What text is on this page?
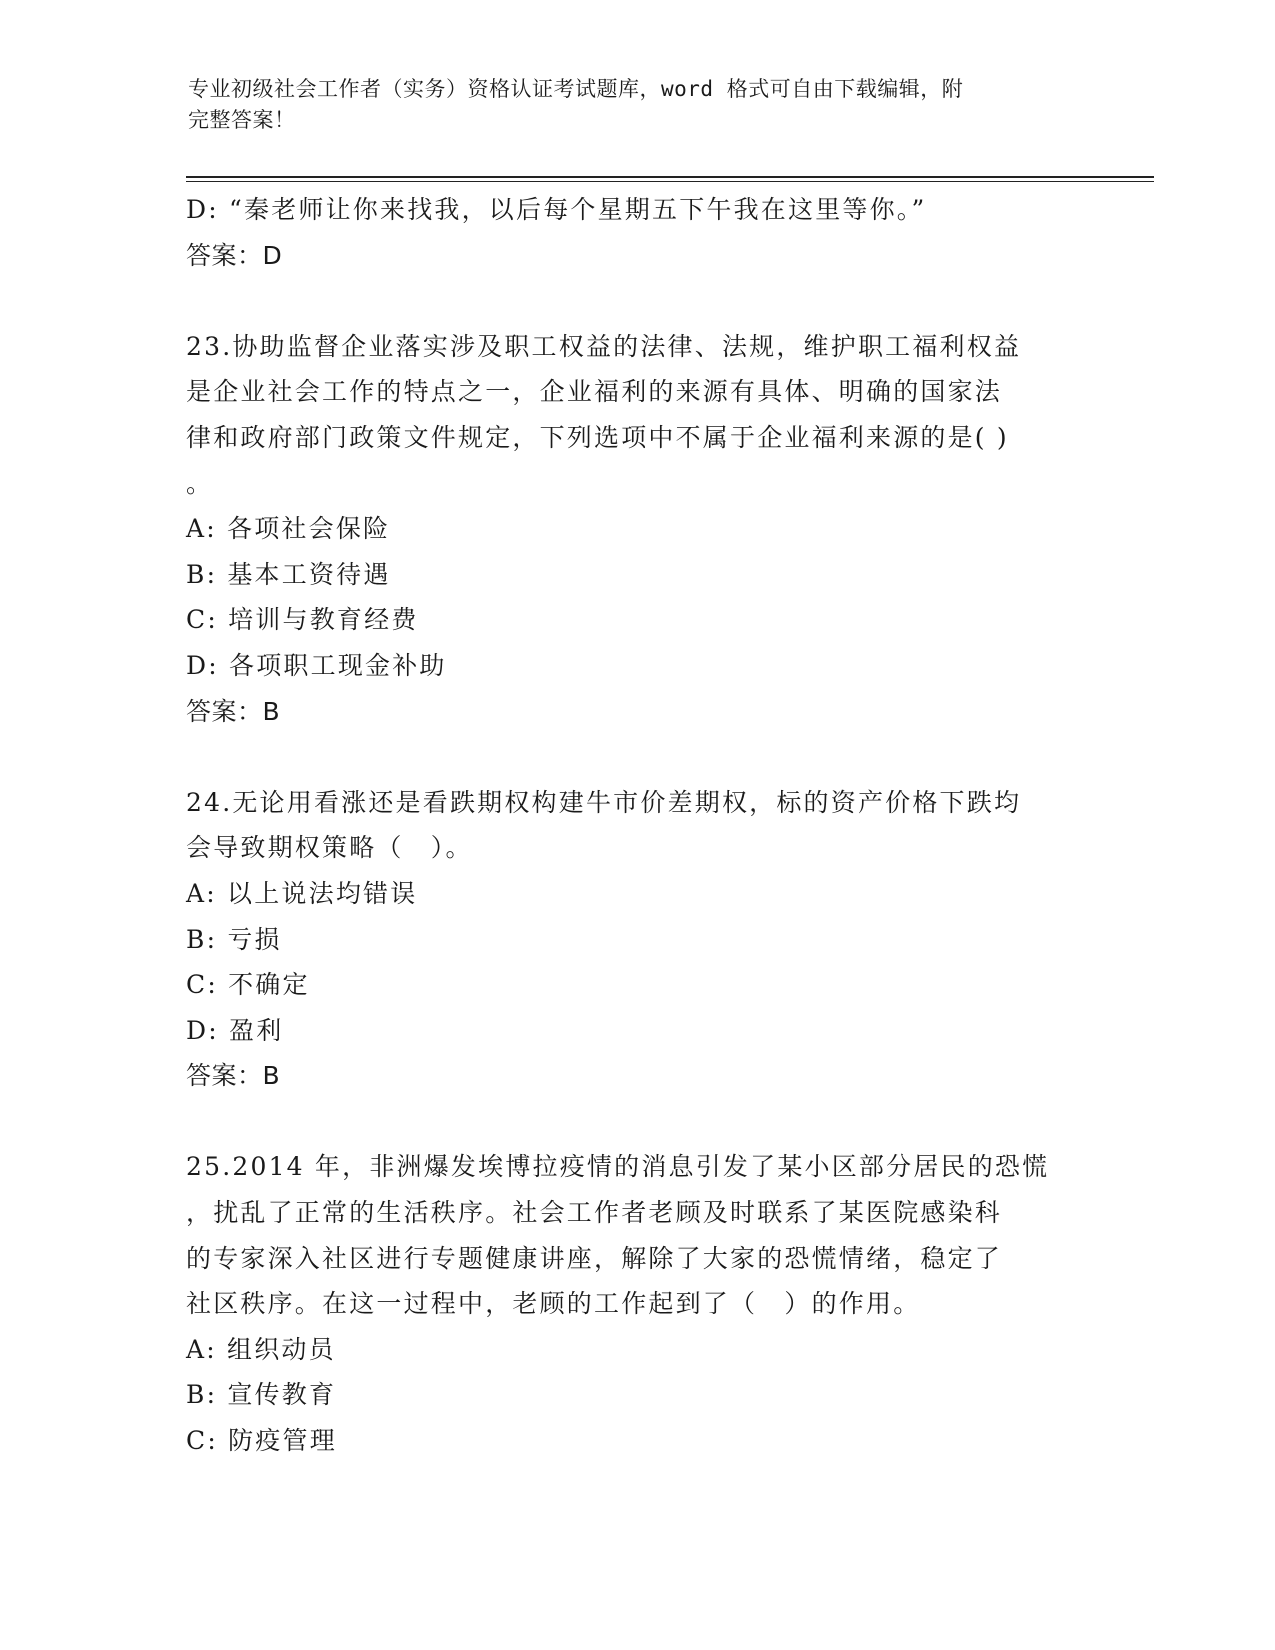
专业初级社会工作者（实务）资格认证考试题库，word 格式可自由下载编辑，附
完整答案！
D: “秦老师让你来找我，以后每个星期五下午我在这里等你。”
答案：D
23.协助监督企业落实涉及职工权益的法律、法规，维护职工福利权益
是企业社会工作的特点之一，企业福利的来源有具体、明确的国家法
律和政府部门政策文件规定，下列选项中不属于企业福利来源的是( )
。
A: 各项社会保险
B: 基本工资待遇
C: 培训与教育经费
D: 各项职工现金补助
答案：B
24.无论用看涨还是看跌期权构建牛市价差期权，标的资产价格下跌均
会导致期权策略（　）。
A: 以上说法均错误
B: 亏损
C: 不确定
D: 盈利
答案：B
25.2014 年，非洲爆发埃博拉疫情的消息引发了某小区部分居民的恐慌
，扰乱了正常的生活秩序。社会工作者老顾及时联系了某医院感染科
的专家深入社区进行专题健康讲座，解除了大家的恐慌情绪，稳定了
社区秩序。在这一过程中，老顾的工作起到了（　）的作用。
A: 组织动员
B: 宣传教育
C: 防疫管理
